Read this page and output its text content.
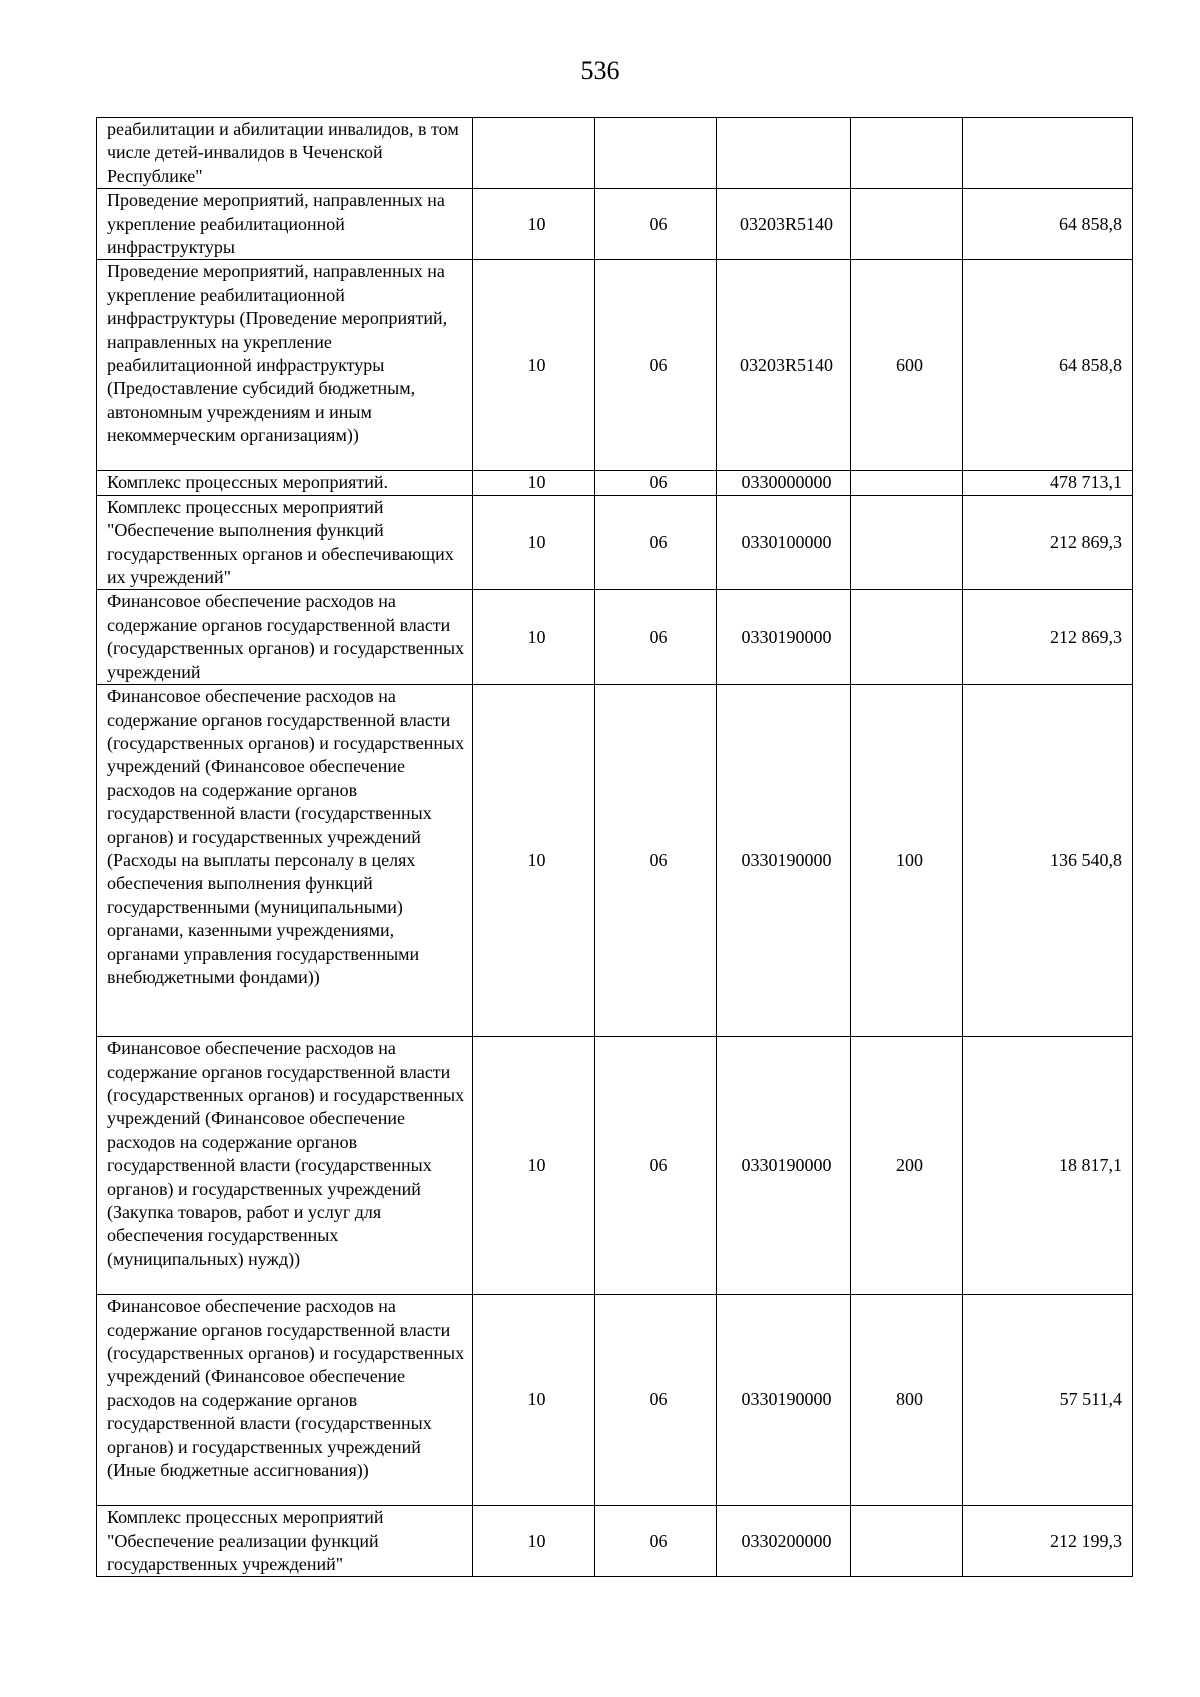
536
реабилитации и абилитации инвалидов, в том числе детей-инвалидов в Чеченской Республике"					
Проведение мероприятий, направленных на укрепление реабилитационной инфраструктуры	10	06	03203R5140		64 858,8
Проведение мероприятий, направленных на укрепление реабилитационной инфраструктуры (Проведение мероприятий, направленных на укрепление реабилитационной инфраструктуры (Предоставление субсидий бюджетным, автономным учреждениям и иным некоммерческим организациям))	10	06	03203R5140	600	64 858,8
Комплекс процессных мероприятий.	10	06	0330000000		478 713,1
Комплекс процессных мероприятий "Обеспечение выполнения функций государственных органов и обеспечивающих их учреждений"	10	06	0330100000		212 869,3
Финансовое обеспечение расходов на содержание органов государственной власти (государственных органов) и государственных учреждений	10	06	0330190000		212 869,3
Финансовое обеспечение расходов на содержание органов государственной власти (государственных органов) и государственных учреждений (Финансовое обеспечение расходов на содержание органов государственной власти (государственных органов) и государственных учреждений (Расходы на выплаты персоналу в целях обеспечения выполнения функций государственными (муниципальными) органами, казенными учреждениями, органами управления государственными внебюджетными фондами))	10	06	0330190000	100	136 540,8
Финансовое обеспечение расходов на содержание органов государственной власти (государственных органов) и государственных учреждений (Финансовое обеспечение расходов на содержание органов государственной власти (государственных органов) и государственных учреждений (Закупка товаров, работ и услуг для обеспечения государственных (муниципальных) нужд))	10	06	0330190000	200	18 817,1
Финансовое обеспечение расходов на содержание органов государственной власти (государственных органов) и государственных учреждений (Финансовое обеспечение расходов на содержание органов государственной власти (государственных органов) и государственных учреждений (Иные бюджетные ассигнования))	10	06	0330190000	800	57 511,4
Комплекс процессных мероприятий "Обеспечение реализации функций государственных учреждений"	10	06	0330200000		212 199,3
